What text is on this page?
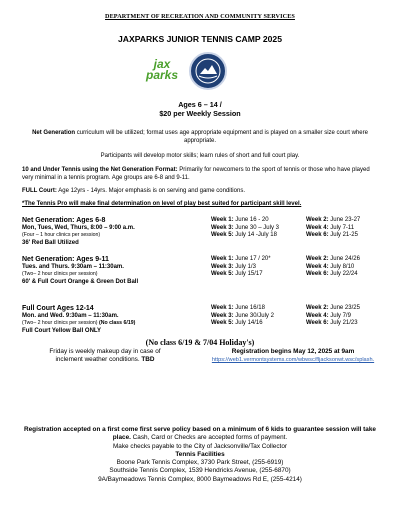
DEPARTMENT OF RECREATION AND COMMUNITY SERVICES
JAXPARKS JUNIOR TENNIS CAMP 2025
jax
parks
Ages 6 – 14 /
$20 per Weekly Session
Net Generation curriculum will be utilized; format uses age appropriate equipment and is played on a smaller size court where appropriate.
Participants will develop motor skills; learn rules of short and full court play.
10 and Under Tennis using the Net Generation Format: Primarily for newcomers to the sport of tennis or those who have played very minimal in a tennis program. Age groups are 6-8 and 9-11.
FULL Court: Age 12yrs - 14yrs. Major emphasis is on serving and game conditions.
*The Tennis Pro will make final determination on level of play best suited for participant skill level.
Net Generation: Ages 6-8	Week 1: June 16 - 20	Week 2: June 23-27
Mon, Tues, Wed, Thurs, 8:00 – 9:00 a.m.	Week 3: June 30 – July 3	Week 4: July 7-11
(Four – 1 hour clinics per session)	Week 5: July 14 -July 18	Week 6: July 21-25
36' Red Ball Utilized
Net Generation: Ages 9-11	Week 1: June 17 / 20*	Week 2: June 24/26
Tues. and Thurs. 9:30am – 11:30am.	Week 3: July 1/3	Week 4: July 8/10
(Two– 2 hour clinics per session)	Week 5: July 15/17	Week 6: July 22/24
60' & Full Court Orange & Green Dot Ball
Full Court Ages 12-14	Week 1: June 16/18	Week 2: June 23/25
Mon. and Wed. 9:30am – 11:30am.	Week 3: June 30/July 2	Week 4: July 7/9
(Two– 2 hour clinics per session) (No class 6/19)	Week 5: July 14/16	Week 6: July 21/23
Full Court Yellow Ball ONLY
(No class 6/19 & 7/04 Holiday's)
Friday is weekly makeup day in case of
inclement weather conditions. TBD
Registration begins May 12, 2025 at 9am
https://web1.vermontsystems.com/wbwsc/fljacksonwt.wsc/splash.
Registration accepted on a first come first serve policy based on a minimum of 6 kids to guarantee session will take place. Cash, Card or Checks are accepted forms of payment.
Make checks payable to the City of Jacksonville/Tax Collector
Tennis Facilities
Boone Park Tennis Complex, 3730 Park Street, (255-6919)
Southside Tennis Complex, 1539 Hendricks Avenue, (255-6870)
9A/Baymeadows Tennis Complex, 8000 Baymeadows Rd E, (255-4214)
